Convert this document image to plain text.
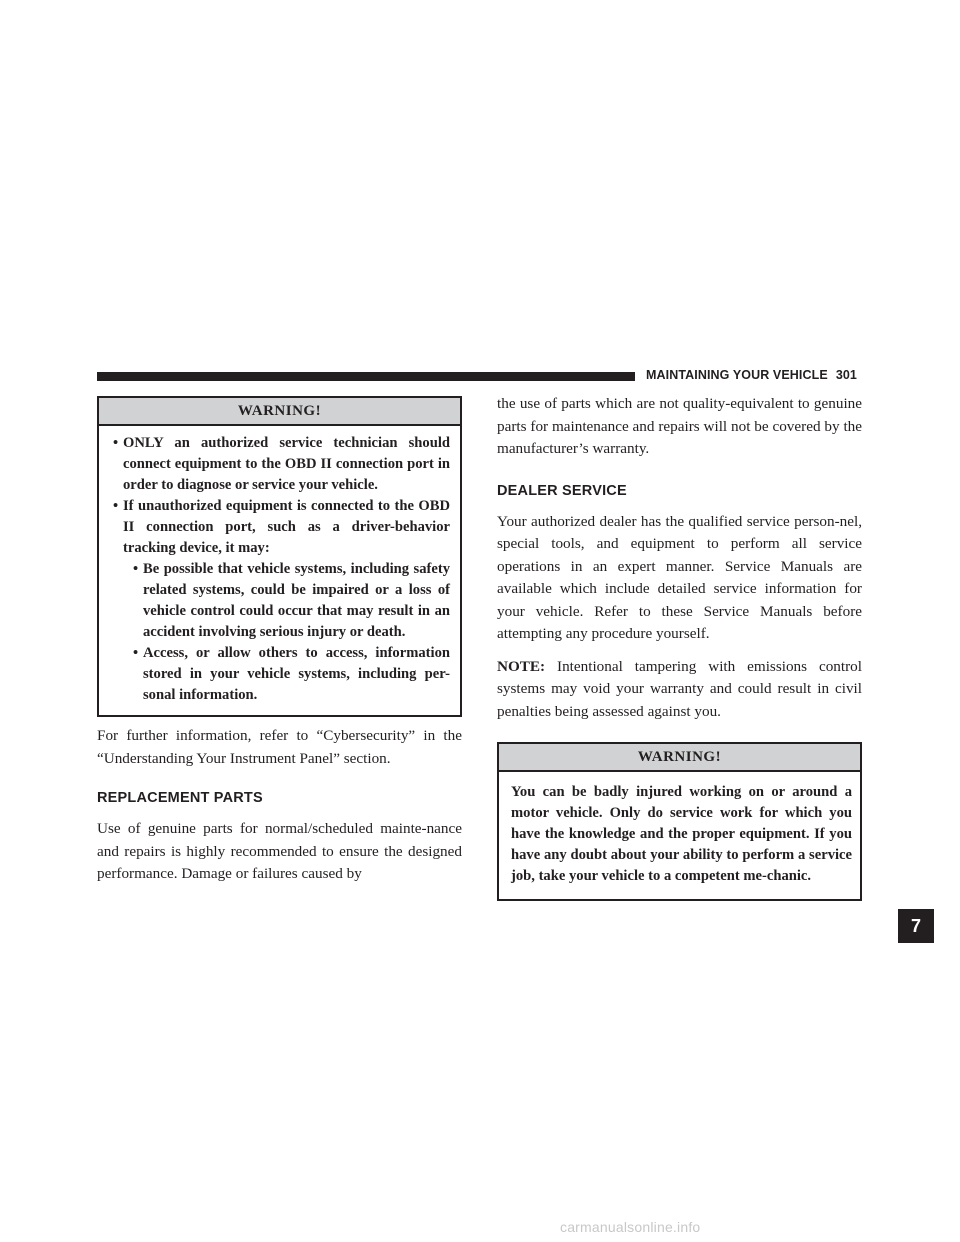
MAINTAINING YOUR VEHICLE 301
WARNING!
• ONLY an authorized service technician should connect equipment to the OBD II connection port in order to diagnose or service your vehicle.
• If unauthorized equipment is connected to the OBD II connection port, such as a driver-behavior tracking device, it may:
• Be possible that vehicle systems, including safety related systems, could be impaired or a loss of vehicle control could occur that may result in an accident involving serious injury or death.
• Access, or allow others to access, information stored in your vehicle systems, including per-sonal information.

For further information, refer to “Cybersecurity” in the “Understanding Your Instrument Panel” section.

REPLACEMENT PARTS

Use of genuine parts for normal/scheduled mainte-nance and repairs is highly recommended to ensure the designed performance. Damage or failures caused by

the use of parts which are not quality-equivalent to genuine parts for maintenance and repairs will not be covered by the manufacturer’s warranty.

DEALER SERVICE

Your authorized dealer has the qualified service person-nel, special tools, and equipment to perform all service operations in an expert manner. Service Manuals are available which include detailed service information for your vehicle. Refer to these Service Manuals before attempting any procedure yourself.

NOTE: Intentional tampering with emissions control systems may void your warranty and could result in civil penalties being assessed against you.

WARNING!
You can be badly injured working on or around a motor vehicle. Only do service work for which you have the knowledge and the proper equipment. If you have any doubt about your ability to perform a service job, take your vehicle to a competent me-chanic.
7
carmanualsonline.info
